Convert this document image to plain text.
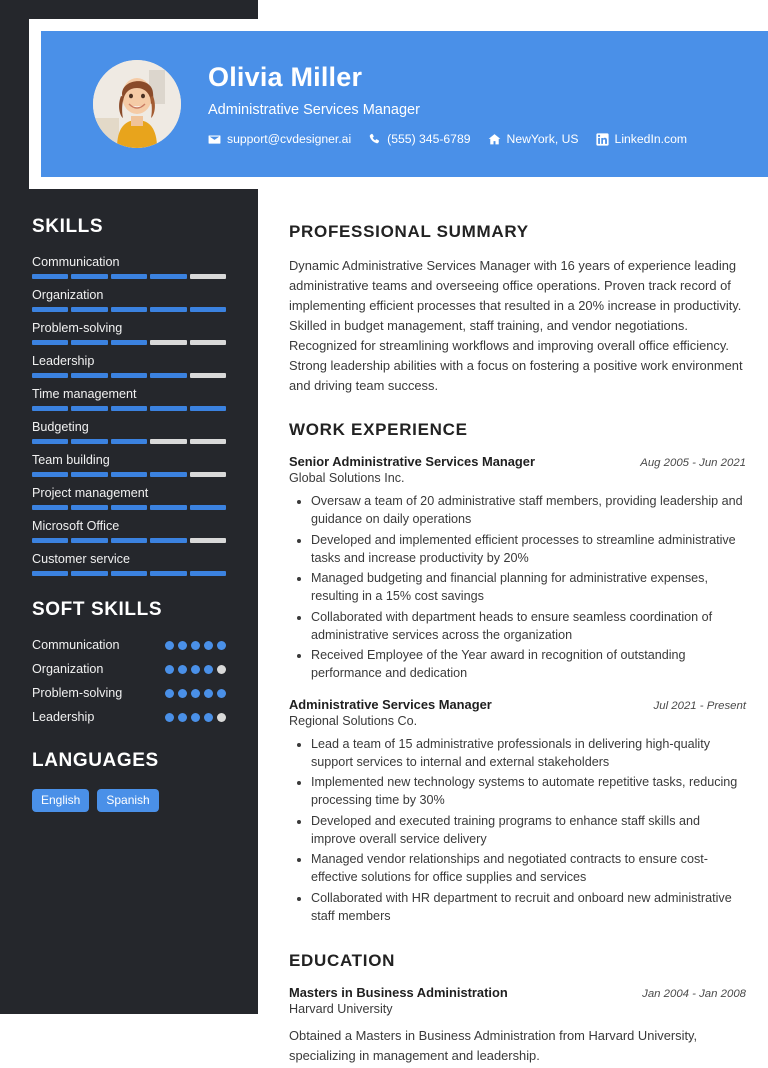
Olivia Miller
Administrative Services Manager
support@cvdesigner.ai	(555) 345-6789	NewYork, US	LinkedIn.com
SKILLS
Communication
Organization
Problem-solving
Leadership
Time management
Budgeting
Team building
Project management
Microsoft Office
Customer service
SOFT SKILLS
Communication
Organization
Problem-solving
Leadership
LANGUAGES
English	Spanish
PROFESSIONAL SUMMARY
Dynamic Administrative Services Manager with 16 years of experience leading administrative teams and overseeing office operations. Proven track record of implementing efficient processes that resulted in a 20% increase in productivity. Skilled in budget management, staff training, and vendor negotiations. Recognized for streamlining workflows and improving overall office efficiency. Strong leadership abilities with a focus on fostering a positive work environment and driving team success.
WORK EXPERIENCE
Senior Administrative Services Manager	Aug 2005 - Jun 2021
Global Solutions Inc.
• Oversaw a team of 20 administrative staff members, providing leadership and guidance on daily operations
• Developed and implemented efficient processes to streamline administrative tasks and increase productivity by 20%
• Managed budgeting and financial planning for administrative expenses, resulting in a 15% cost savings
• Collaborated with department heads to ensure seamless coordination of administrative services across the organization
• Received Employee of the Year award in recognition of outstanding performance and dedication
Administrative Services Manager	Jul 2021 - Present
Regional Solutions Co.
• Lead a team of 15 administrative professionals in delivering high-quality support services to internal and external stakeholders
• Implemented new technology systems to automate repetitive tasks, reducing processing time by 30%
• Developed and executed training programs to enhance staff skills and improve overall service delivery
• Managed vendor relationships and negotiated contracts to ensure cost-effective solutions for office supplies and services
• Collaborated with HR department to recruit and onboard new administrative staff members
EDUCATION
Masters in Business Administration	Jan 2004 - Jan 2008
Harvard University
Obtained a Masters in Business Administration from Harvard University, specializing in management and leadership.
